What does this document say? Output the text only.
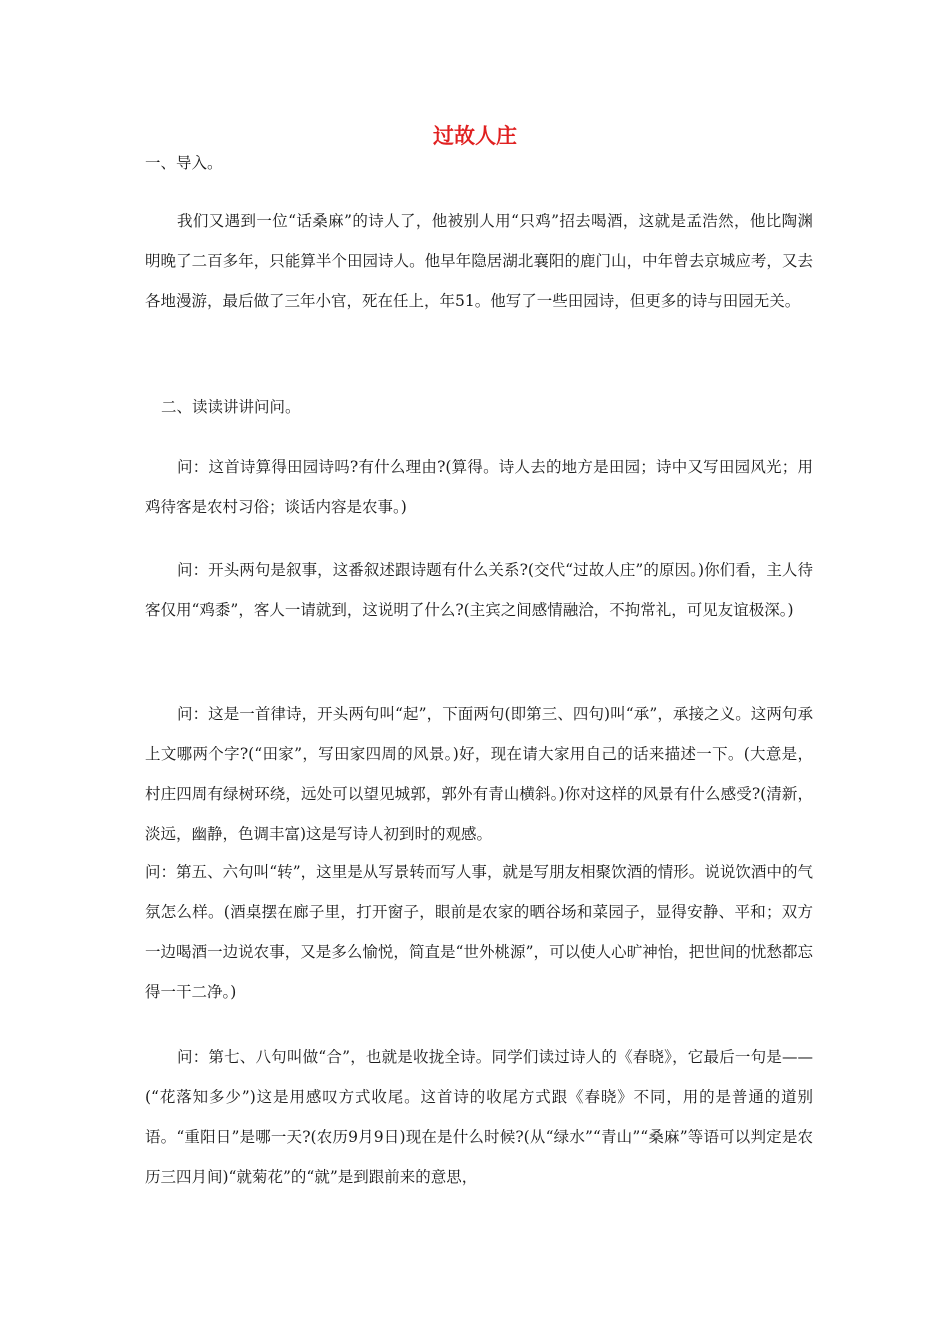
过故人庄

一、导入。

我们又遇到一位“话桑麻”的诗人了，他被别人用“只鸡”招去喝酒，这就是孟浩然，他比陶渊明晚了二百多年，只能算半个田园诗人。他早年隐居湖北襄阳的鹿门山，中年曾去京城应考，又去各地漫游，最后做了三年小官，死在任上，年51。他写了一些田园诗，但更多的诗与田园无关。

二、读读讲讲问问。

问：这首诗算得田园诗吗?有什么理由?(算得。诗人去的地方是田园；诗中又写田园风光；用鸡待客是农村习俗；谈话内容是农事。)

问：开头两句是叙事，这番叙述跟诗题有什么关系?(交代“过故人庄”的原因。)你们看，主人待客仅用“鸡黍”，客人一请就到，这说明了什么?(主宾之间感情融洽，不拘常礼，可见友谊极深。)

问：这是一首律诗，开头两句叫“起”，下面两句(即第三、四句)叫“承”，承接之义。这两句承上文哪两个字?(“田家”，写田家四周的风景。)好，现在请大家用自己的话来描述一下。(大意是，村庄四周有绿树环绕，远处可以望见城郭，郭外有青山横斜。)你对这样的风景有什么感受?(清新，淡远，幽静，色调丰富)这是写诗人初到时的观感。

问：第五、六句叫“转”，这里是从写景转而写人事，就是写朋友相聚饮酒的情形。说说饮酒中的气氛怎么样。(酒桌摆在廊子里，打开窗子，眼前是农家的晒谷场和菜园子，显得安静、平和；双方一边喝酒一边说农事，又是多么愉悦，简直是“世外桃源”，可以使人心旷神怡，把世间的忧愁都忘得一干二净。)

问：第七、八句叫做“合”，也就是收拢全诗。同学们读过诗人的《春晓》，它最后一句是——(“花落知多少”)这是用感叹方式收尾。这首诗的收尾方式跟《春晓》不同，用的是普通的道别语。“重阳日”是哪一天?(农历9月9日)现在是什么时候?(从“绿水”“青山”“桑麻”等语可以判定是农历三四月间)“就菊花”的“就”是到跟前来的意思，
